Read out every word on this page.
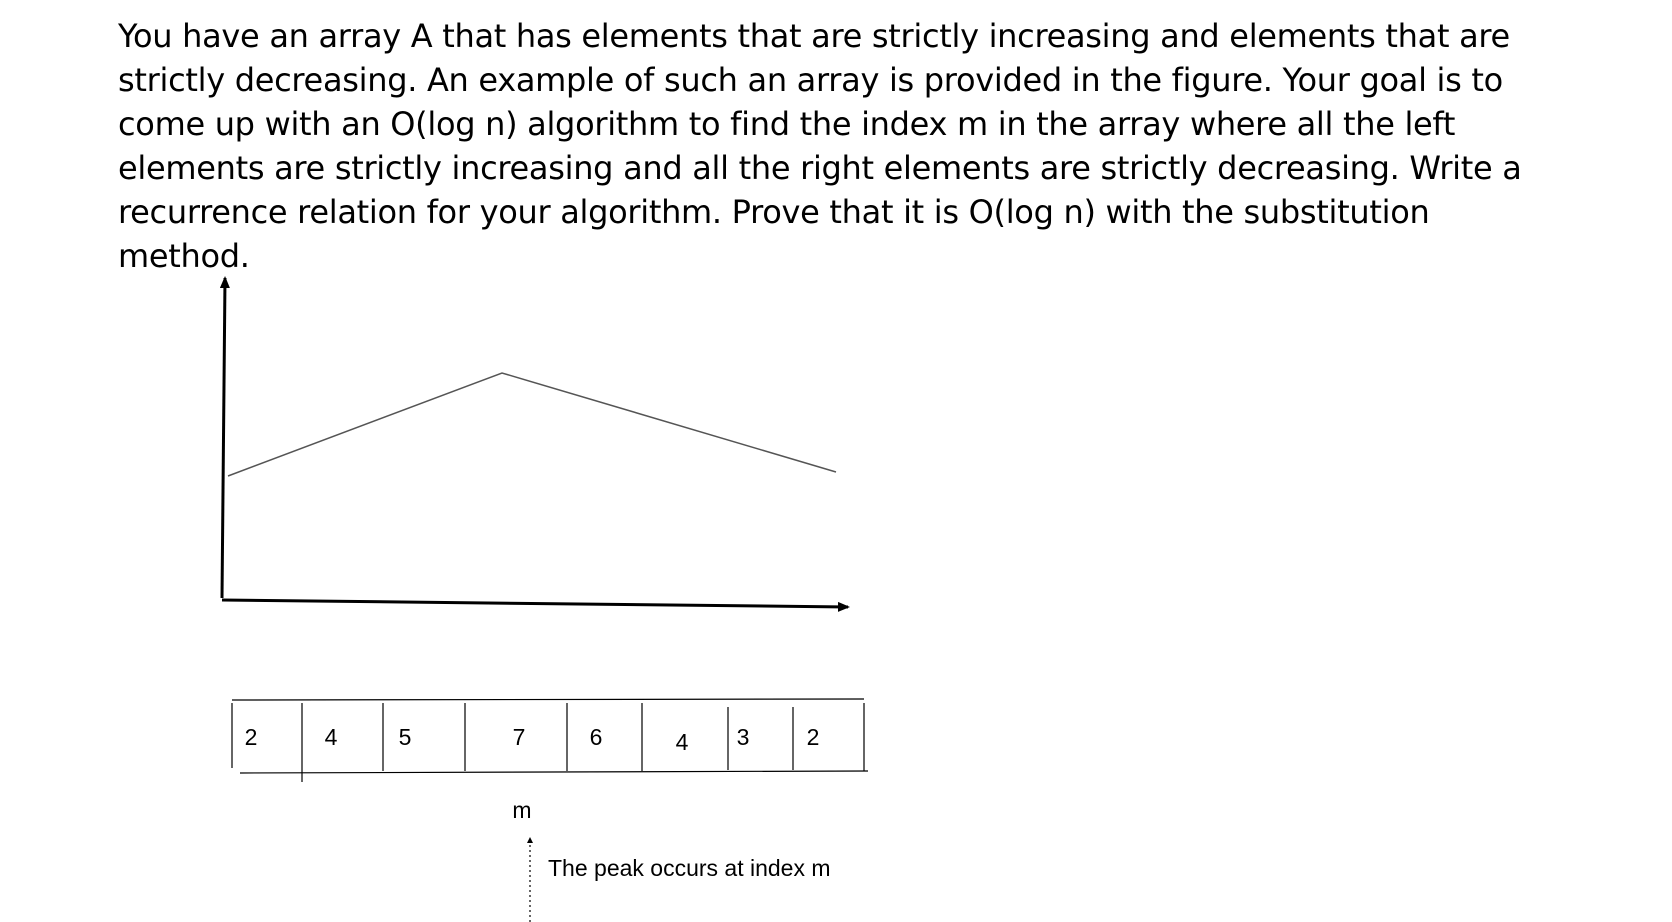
You have an array A that has elements that are strictly increasing and elements that are strictly decreasing. An example of such an array is provided in the figure. Your goal is to come up with an O(log n) algorithm to find the index m in the array where all the left elements are strictly increasing and all the right elements are strictly decreasing. Write a recurrence relation for your algorithm. Prove that it is O(log n) with the substitution method.

2	4	5	7	6	4 3 2
m
The peak occurs at index m
